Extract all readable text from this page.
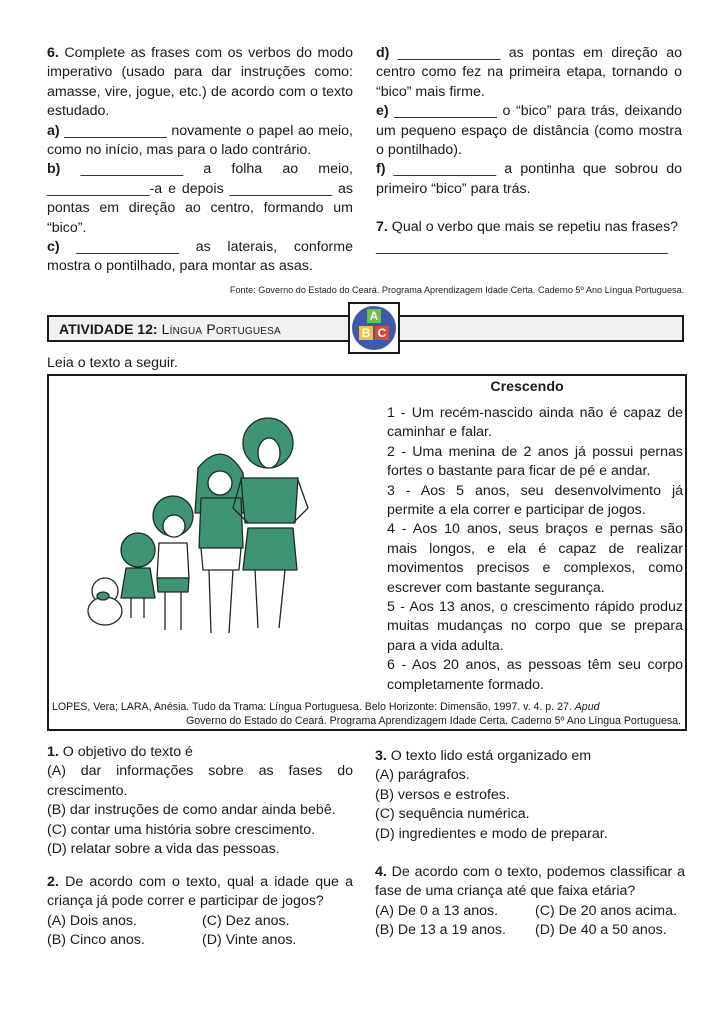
6. Complete as frases com os verbos do modo imperativo (usado para dar instruções como: amasse, vire, jogue, etc.) de acordo com o texto estudado.

a) _____________ novamente o papel ao meio, como no início, mas para o lado contrário.

b) _____________ a folha ao meio,

_____________-a e depois _____________ as pontas em direção ao centro, formando um “bico”.

c) _____________ as laterais, conforme

mostra o pontilhado, para montar as asas.

d) _____________ as pontas em direção ao centro como fez na primeira etapa, tornando o “bico” mais firme.

e) _____________ o “bico” para trás, deixando um pequeno espaço de distância (como mostra o pontilhado).

f) _____________ a pontinha que sobrou do primeiro “bico” para trás.

7. Qual o verbo que mais se repetiu nas frases?

_____________________________________

Fonte: Governo do Estado do Ceará. Programa Aprendizagem Idade Certa. Caderno 5º Ano Língua Portuguesa.
ATIVIDADE 12: Língua Portuguesa
A
B C
Leia o texto a seguir.
Crescendo

1 - Um recém-nascido ainda não é capaz de caminhar e falar.

2 - Uma menina de 2 anos já possui pernas fortes o bastante para ficar de pé e andar.

3 - Aos 5 anos, seu desenvolvimento já permite a ela correr e participar de jogos.

4 - Aos 10 anos, seus braços e pernas são mais longos, e ela é capaz de realizar movimentos precisos e complexos, como escrever com bastante segurança.

5 - Aos 13 anos, o crescimento rápido produz muitas mudanças no corpo que se prepara para a vida adulta.

6 - Aos 20 anos, as pessoas têm seu corpo completamente formado.

LOPES, Vera; LARA, Anésia. Tudo da Trama: Língua Portuguesa. Belo Horizonte: Dimensão, 1997. v. 4. p. 27. Apud
Governo do Estado do Ceará. Programa Aprendizagem Idade Certa. Caderno 5º Ano Língua Portuguesa.

1. O objetivo do texto é

(A) dar informações sobre as fases do crescimento.

(B) dar instruções de como andar ainda bebê.

(C) contar uma história sobre crescimento.

(D) relatar sobre a vida das pessoas.

2. De acordo com o texto, qual a idade que a criança já pode correr e participar de jogos?

(A) Dois anos.	(C) Dez anos.
(B) Cinco anos.	(D) Vinte anos.

3. O texto lido está organizado em

(A) parágrafos.

(B) versos e estrofes.

(C) sequência numérica.

(D) ingredientes e modo de preparar.

4. De acordo com o texto, podemos classificar a fase de uma criança até que faixa etária?

(A) De 0 a 13 anos.	(C) De 20 anos acima.
(B) De 13 a 19 anos.	(D) De 40 a 50 anos.
